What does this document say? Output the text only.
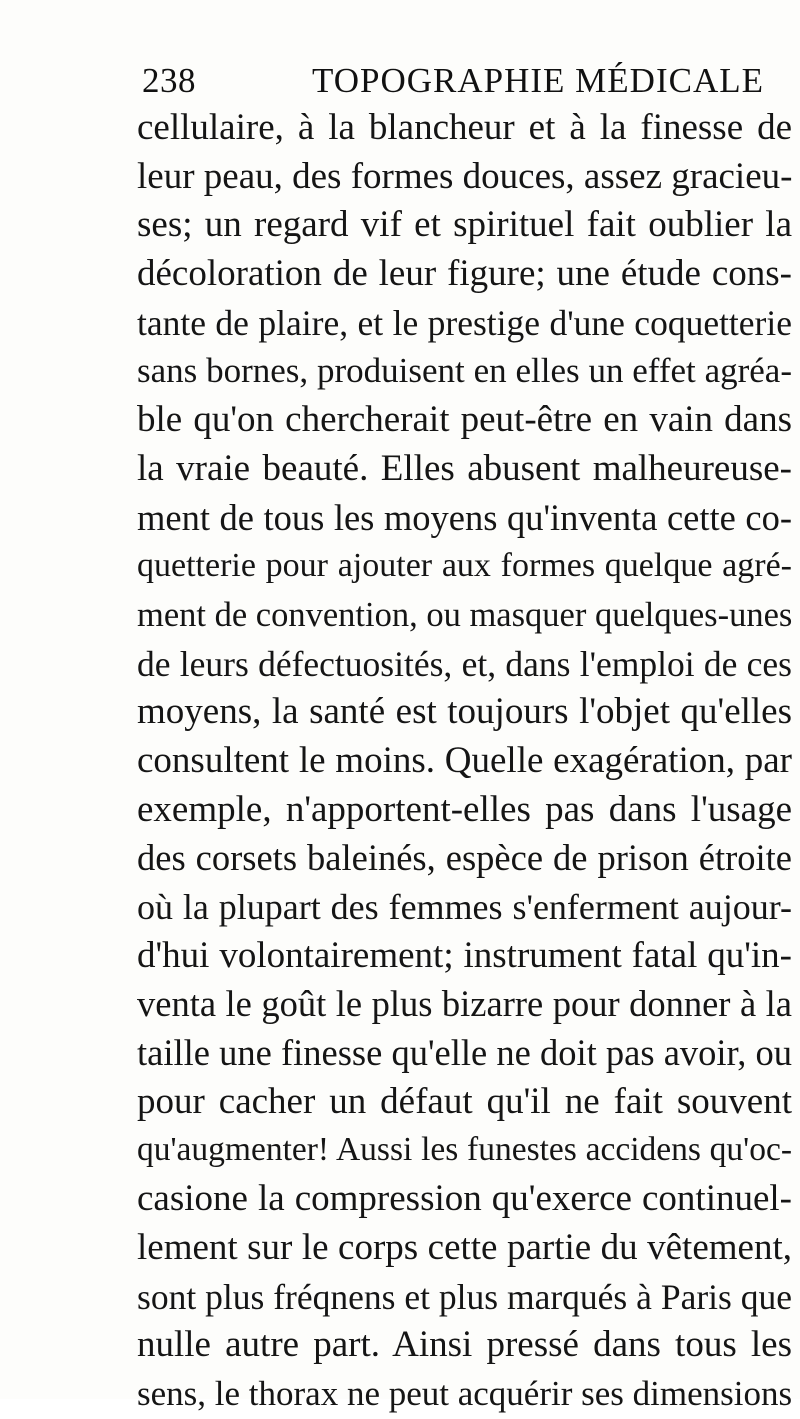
238	TOPOGRAPHIE MÉDICALE
cellulaire, à la blancheur et à la finesse de
leur peau, des formes douces, assez gracieu-
ses; un regard vif et spirituel fait oublier la
décoloration de leur figure; une étude cons-
tante de plaire, et le prestige d'une coquetterie
sans bornes, produisent en elles un effet agréa-
ble qu'on chercherait peut-être en vain dans
la vraie beauté. Elles abusent malheureuse-
ment de tous les moyens qu'inventa cette co-
quetterie pour ajouter aux formes quelque agré-
ment de convention, ou masquer quelques-unes
de leurs défectuosités, et, dans l'emploi de ces
moyens, la santé est toujours l'objet qu'elles
consultent le moins. Quelle exagération, par
exemple, n'apportent-elles pas dans l'usage
des corsets baleinés, espèce de prison étroite
où la plupart des femmes s'enferment aujour-
d'hui volontairement; instrument fatal qu'in-
venta le goût le plus bizarre pour donner à la
taille une finesse qu'elle ne doit pas avoir, ou
pour cacher un défaut qu'il ne fait souvent
qu'augmenter! Aussi les funestes accidens qu'oc-
casione la compression qu'exerce continuel-
lement sur le corps cette partie du vêtement,
sont plus fréqnens et plus marqués à Paris que
nulle autre part. Ainsi pressé dans tous les
sens, le thorax ne peut acquérir ses dimensions
